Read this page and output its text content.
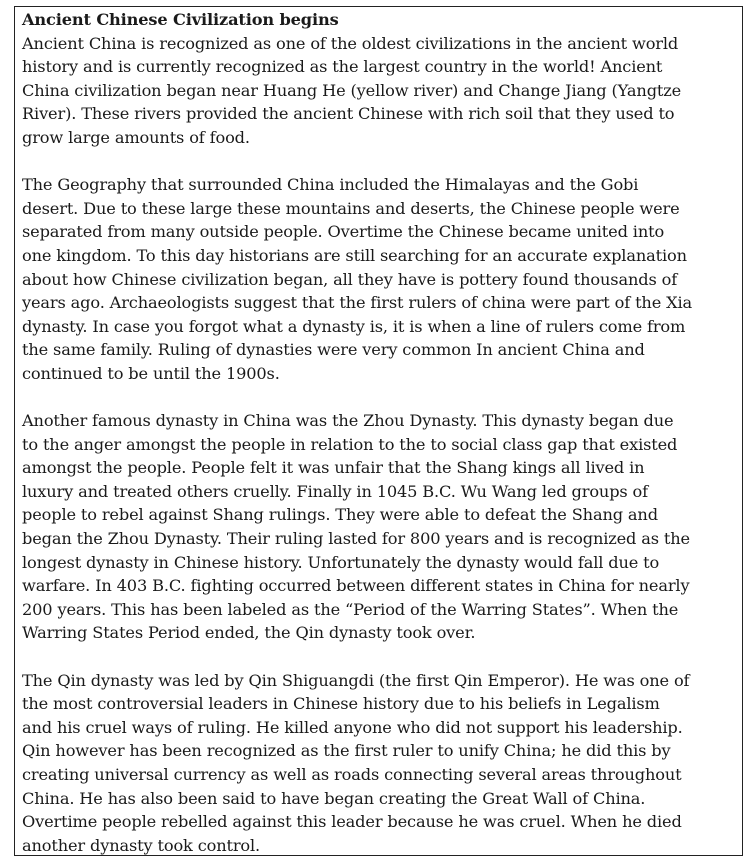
Ancient Chinese Civilization begins

Ancient China is recognized as one of the oldest civilizations in the ancient world
history and is currently recognized as the largest country in the world! Ancient
China civilization began near Huang He (yellow river) and Change Jiang (Yangtze
River). These rivers provided the ancient Chinese with rich soil that they used to
grow large amounts of food.

The Geography that surrounded China included the Himalayas and the Gobi
desert. Due to these large these mountains and deserts, the Chinese people were
separated from many outside people. Overtime the Chinese became united into
one kingdom. To this day historians are still searching for an accurate explanation
about how Chinese civilization began, all they have is pottery found thousands of
years ago. Archaeologists suggest that the first rulers of china were part of the Xia
dynasty. In case you forgot what a dynasty is, it is when a line of rulers come from
the same family. Ruling of dynasties were very common In ancient China and
continued to be until the 1900s.

Another famous dynasty in China was the Zhou Dynasty. This dynasty began due
to the anger amongst the people in relation to the to social class gap that existed
amongst the people. People felt it was unfair that the Shang kings all lived in
luxury and treated others cruelly. Finally in 1045 B.C. Wu Wang led groups of
people to rebel against Shang rulings. They were able to defeat the Shang and
began the Zhou Dynasty. Their ruling lasted for 800 years and is recognized as the
longest dynasty in Chinese history. Unfortunately the dynasty would fall due to
warfare. In 403 B.C. fighting occurred between different states in China for nearly
200 years. This has been labeled as the “Period of the Warring States”. When the
Warring States Period ended, the Qin dynasty took over.

The Qin dynasty was led by Qin Shiguangdi (the first Qin Emperor). He was one of
the most controversial leaders in Chinese history due to his beliefs in Legalism
and his cruel ways of ruling. He killed anyone who did not support his leadership.
Qin however has been recognized as the first ruler to unify China; he did this by
creating universal currency as well as roads connecting several areas throughout
China. He has also been said to have began creating the Great Wall of China.
Overtime people rebelled against this leader because he was cruel. When he died
another dynasty took control.
